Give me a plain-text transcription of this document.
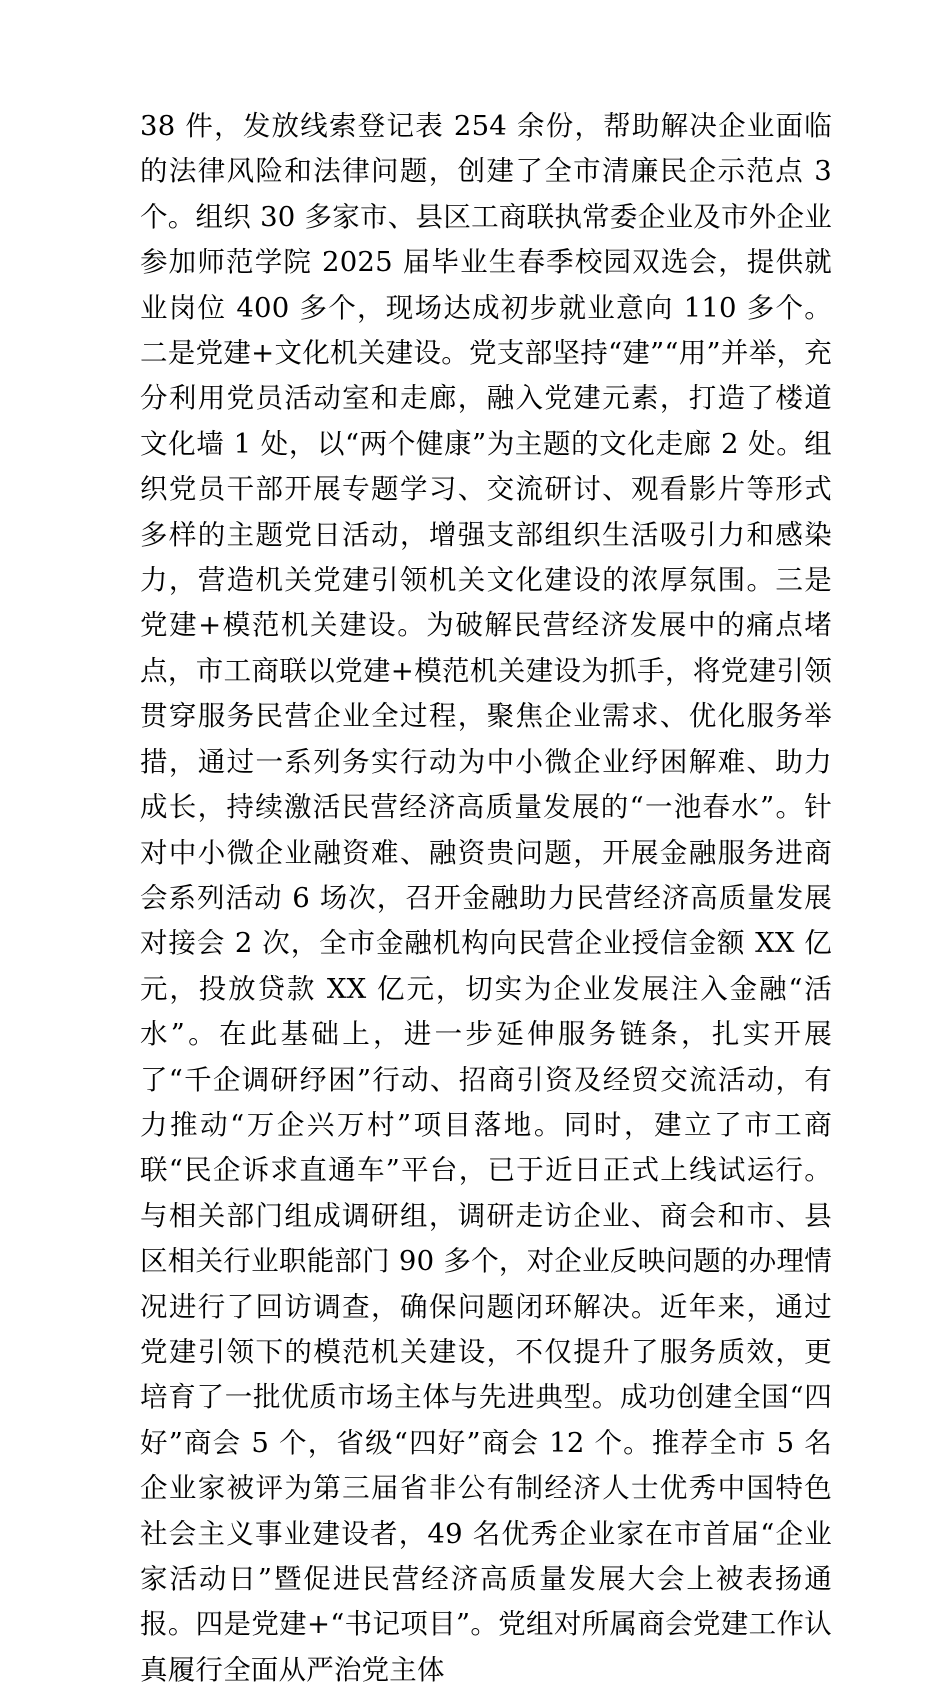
38 件，发放线索登记表 254 余份，帮助解决企业面临的法律风险和法律问题，创建了全市清廉民企示范点 3 个。组织 30 多家市、县区工商联执常委企业及市外企业参加师范学院 2025 届毕业生春季校园双选会，提供就业岗位 400 多个，现场达成初步就业意向 110 多个。二是党建+文化机关建设。党支部坚持“建”“用”并举，充分利用党员活动室和走廊，融入党建元素，打造了楼道文化墙 1 处，以“两个健康”为主题的文化走廊 2 处。组织党员干部开展专题学习、交流研讨、观看影片等形式多样的主题党日活动，增强支部组织生活吸引力和感染力，营造机关党建引领机关文化建设的浓厚氛围。三是党建+模范机关建设。为破解民营经济发展中的痛点堵点，市工商联以党建+模范机关建设为抓手，将党建引领贯穿服务民营企业全过程，聚焦企业需求、优化服务举措，通过一系列务实行动为中小微企业纾困解难、助力成长，持续激活民营经济高质量发展的“一池春水”。针对中小微企业融资难、融资贵问题，开展金融服务进商会系列活动 6 场次，召开金融助力民营经济高质量发展对接会 2 次，全市金融机构向民营企业授信金额 XX 亿元，投放贷款 XX 亿元，切实为企业发展注入金融“活水”。在此基础上，进一步延伸服务链条，扎实开展了“千企调研纾困”行动、招商引资及经贸交流活动，有力推动“万企兴万村”项目落地。同时，建立了市工商联“民企诉求直通车”平台，已于近日正式上线试运行。与相关部门组成调研组，调研走访企业、商会和市、县区相关行业职能部门 90 多个，对企业反映问题的办理情况进行了回访调查，确保问题闭环解决。近年来，通过党建引领下的模范机关建设，不仅提升了服务质效，更培育了一批优质市场主体与先进典型。成功创建全国“四好”商会 5 个，省级“四好”商会 12 个。推荐全市 5 名企业家被评为第三届省非公有制经济人士优秀中国特色社会主义事业建设者，49 名优秀企业家在市首届“企业家活动日”暨促进民营经济高质量发展大会上被表扬通报。四是党建+“书记项目”。党组对所属商会党建工作认真履行全面从严治党主体
